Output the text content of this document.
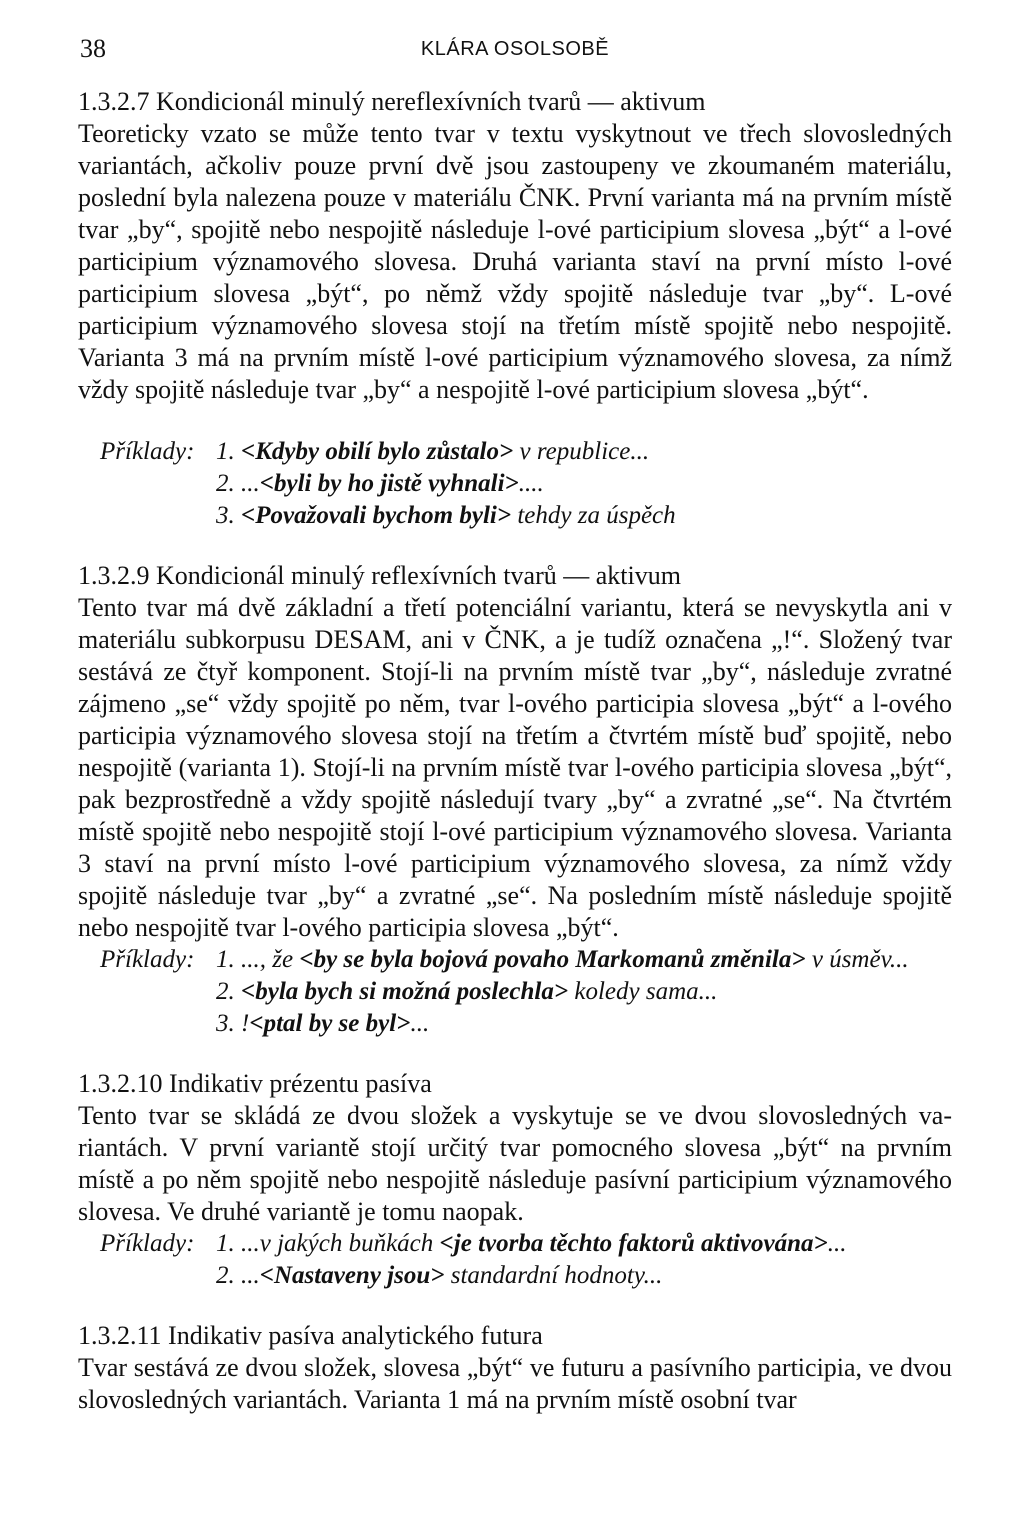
38	KLÁRA OSOLSOBĚ

1.3.2.7 Kondicionál minulý nereflexívních tvarů — aktivum

Teoreticky vzato se může tento tvar v textu vyskytnout ve třech slovosledných variantách, ačkoliv pouze první dvě jsou zastoupeny ve zkoumaném materiálu, poslední byla nalezena pouze v materiálu ČNK. První varianta má na prvním místě tvar „by“, spojitě nebo nespojitě následuje l-ové participium slovesa „být“ a l-ové participium významového slovesa. Druhá varianta staví na první místo l-ové participium slovesa „být“, po němž vždy spojitě následuje tvar „by“. L-ové participium významového slovesa stojí na třetím místě spojitě nebo nespojitě. Varianta 3 má na prvním místě l-ové participium významového slovesa, za nímž vždy spojitě následuje tvar „by“ a nespojitě l-ové participium slovesa „být“.

Příklady: 1. <Kdyby obilí bylo zůstalo> v republice...
2. ...<byli by ho jistě vyhnali>....
3. <Považovali bychom byli> tehdy za úspěch

1.3.2.9 Kondicionál minulý reflexívních tvarů — aktivum

Tento tvar má dvě základní a třetí potenciální variantu, která se nevyskytla ani v materiálu subkorpusu DESAM, ani v ČNK, a je tudíž označena „!“. Složený tvar sestává ze čtyř komponent. Stojí-li na prvním místě tvar „by“, následuje zvratné zájmeno „se“ vždy spojitě po něm, tvar l-ového participia slovesa „být“ a l-ového participia významového slovesa stojí na třetím a čtvrtém místě buď spojitě, nebo nespojitě (varianta 1). Stojí-li na prvním místě tvar l-ového participia slovesa „být“, pak bezprostředně a vždy spojitě následují tvary „by“ a zvratné „se“. Na čtvrtém místě spojitě nebo nespojitě stojí l-ové participium významového slovesa. Varianta 3 staví na první místo l-ové participium významového slovesa, za nímž vždy spojitě následuje tvar „by“ a zvratné „se“. Na posledním místě následuje spojitě nebo nespojitě tvar l-ového participia slovesa „být“.

Příklady: 1. ..., že <by se byla bojová povaho Markomanů změnila> v úsměv...
2. <byla bych si možná poslechla> koledy sama...
3. !<ptal by se byl>...

1.3.2.10 Indikativ prézentu pasíva

Tento tvar se skládá ze dvou složek a vyskytuje se ve dvou slovosledných variantách. V první variantě stojí určitý tvar pomocného slovesa „být“ na prvním místě a po něm spojitě nebo nespojitě následuje pasívní participium významového slovesa. Ve druhé variantě je tomu naopak.

Příklady: 1. ...v jakých buňkách <je tvorba těchto faktorů aktivována>...
2. ...<Nastaveny jsou> standardní hodnoty...

1.3.2.11 Indikativ pasíva analytického futura

Tvar sestává ze dvou složek, slovesa „být“ ve futuru a pasívního participia, ve dvou slovosledných variantách. Varianta 1 má na prvním místě osobní tvar
